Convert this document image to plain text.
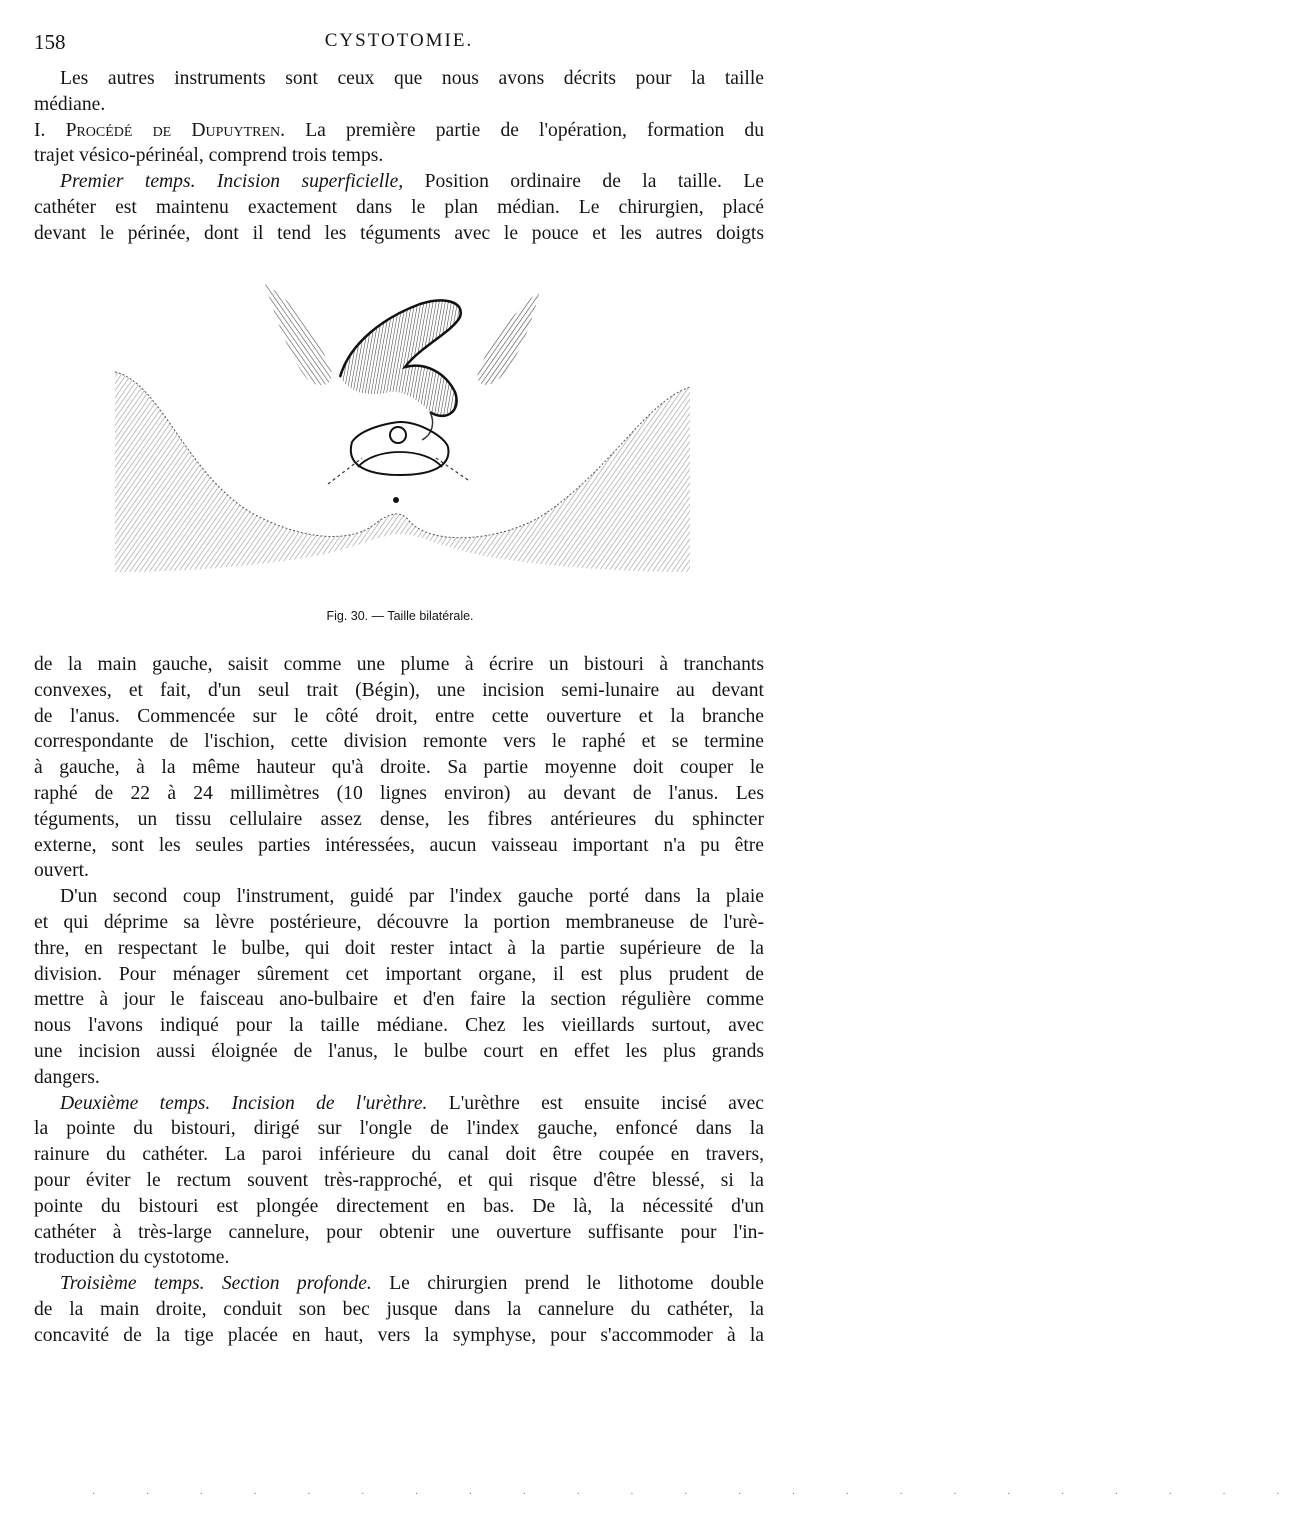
158	CYSTOTOMIE.

Les autres instruments sont ceux que nous avons décrits pour la taille

médiane.

I. Procédé de Dupuytren. La première partie de l'opération, formation du

trajet vésico-périnéal, comprend trois temps.

Premier temps. Incision superficielle, Position ordinaire de la taille. Le

cathéter est maintenu exactement dans le plan médian. Le chirurgien, placé

devant le périnée, dont il tend les téguments avec le pouce et les autres doigts

Fig. 30. — Taille bilatérale.

de la main gauche, saisit comme une plume à écrire un bistouri à tranchants

convexes, et fait, d'un seul trait (Bégin), une incision semi-lunaire au devant

de l'anus. Commencée sur le côté droit, entre cette ouverture et la branche

correspondante de l'ischion, cette division remonte vers le raphé et se termine

à gauche, à la même hauteur qu'à droite. Sa partie moyenne doit couper le

raphé de 22 à 24 millimètres (10 lignes environ) au devant de l'anus. Les

téguments, un tissu cellulaire assez dense, les fibres antérieures du sphincter

externe, sont les seules parties intéressées, aucun vaisseau important n'a pu être

ouvert.

D'un second coup l'instrument, guidé par l'index gauche porté dans la plaie

et qui déprime sa lèvre postérieure, découvre la portion membraneuse de l'urè-

thre, en respectant le bulbe, qui doit rester intact à la partie supérieure de la

division. Pour ménager sûrement cet important organe, il est plus prudent de

mettre à jour le faisceau ano-bulbaire et d'en faire la section régulière comme

nous l'avons indiqué pour la taille médiane. Chez les vieillards surtout, avec

une incision aussi éloignée de l'anus, le bulbe court en effet les plus grands

dangers.

Deuxième temps. Incision de l'urèthre. L'urèthre est ensuite incisé avec

la pointe du bistouri, dirigé sur l'ongle de l'index gauche, enfoncé dans la

rainure du cathéter. La paroi inférieure du canal doit être coupée en travers,

pour éviter le rectum souvent très-rapproché, et qui risque d'être blessé, si la

pointe du bistouri est plongée directement en bas. De là, la nécessité d'un

cathéter à très-large cannelure, pour obtenir une ouverture suffisante pour l'in-

troduction du cystotome.

Troisième temps. Section profonde. Le chirurgien prend le lithotome double

de la main droite, conduit son bec jusque dans la cannelure du cathéter, la

concavité de la tige placée en haut, vers la symphyse, pour s'accommoder à la

· · · · · · · · · · · · · · · · · · · · · · ·
